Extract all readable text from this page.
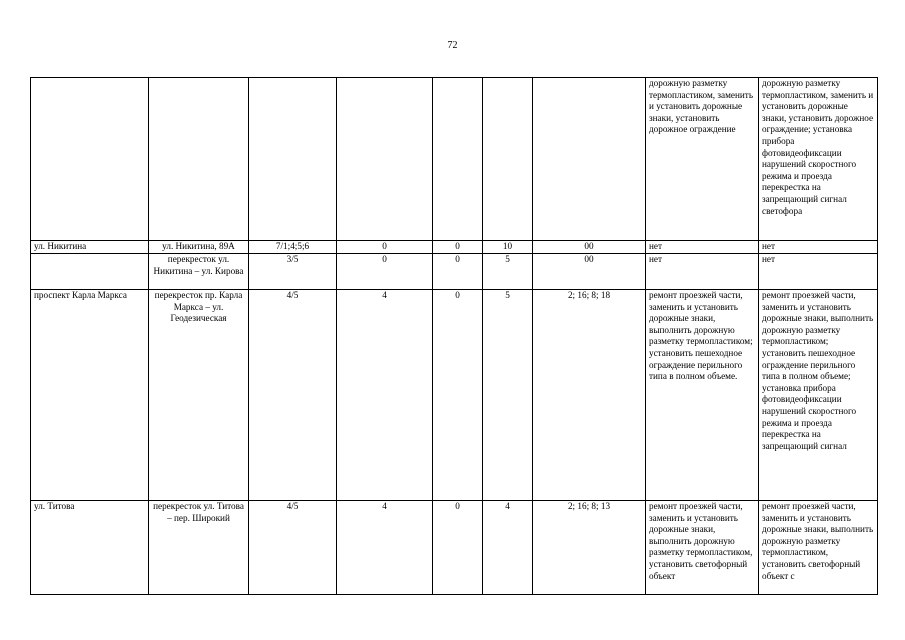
72
							дорожную разметку термопластиком, заменить и установить дорожные знаки, установить дорожное ограждение	дорожную разметку термопластиком, заменить и установить дорожные знаки, установить дорожное ограждение; установка прибора фотовидеофиксации нарушений скоростного режима и проезда перекрестка на запрещающий сигнал светофора
ул. Никитина	ул. Никитина, 89А	7/1;4;5;6	0	0	10	00	нет	нет
	перекресток ул. Никитина – ул. Кирова	3/5	0	0	5	00	нет	нет
проспект Карла Маркса	перекресток пр. Карла Маркса – ул. Геодезическая	4/5	4	0	5	2; 16; 8; 18	ремонт проезжей части, заменить и установить дорожные знаки, выполнить дорожную разметку термопластиком; установить пешеходное ограждение перильного типа в полном объеме.	ремонт проезжей части, заменить и установить дорожные знаки, выполнить дорожную разметку термопластиком; установить пешеходное ограждение перильного типа в полном объеме; установка прибора фотовидеофиксации нарушений скоростного режима и проезда перекрестка на запрещающий сигнал
ул. Титова	перекресток ул. Титова – пер. Широкий	4/5	4	0	4	2; 16; 8; 13	ремонт проезжей части, заменить и установить дорожные знаки, выполнить дорожную разметку термопластиком, установить светофорный объект	ремонт проезжей части, заменить и установить дорожные знаки, выполнить дорожную разметку термопластиком, установить светофорный объект с
